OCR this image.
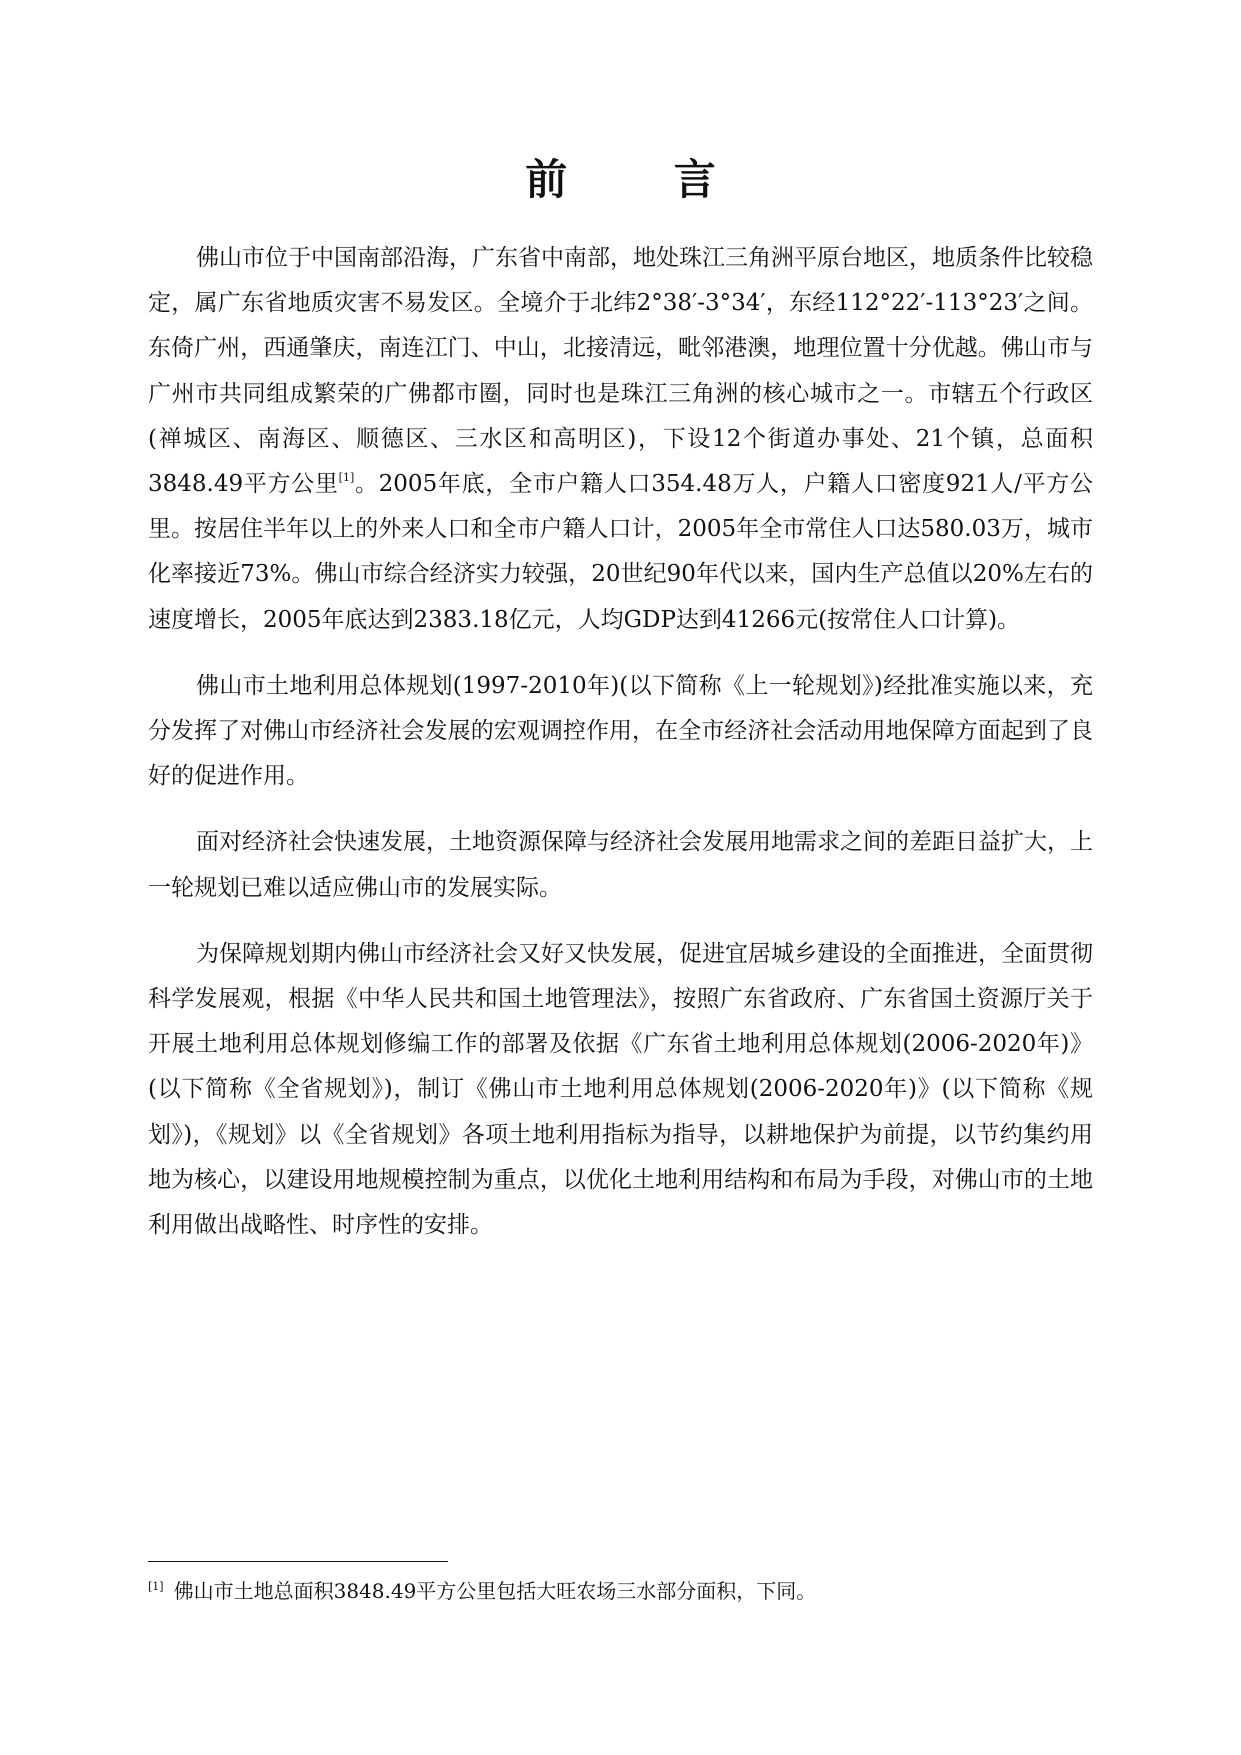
前 言

佛山市位于中国南部沿海，广东省中南部，地处珠江三角洲平原台地区，地质条件比较稳定，属广东省地质灾害不易发区。全境介于北纬2°38′-3°34′，东经112°22′-113°23′之间。东倚广州，西通肇庆，南连江门、中山，北接清远，毗邻港澳，地理位置十分优越。佛山市与广州市共同组成繁荣的广佛都市圈，同时也是珠江三角洲的核心城市之一。市辖五个行政区(禅城区、南海区、顺德区、三水区和高明区)，下设12个街道办事处、21个镇，总面积3848.49平方公里[1]。2005年底，全市户籍人口354.48万人，户籍人口密度921人/平方公里。按居住半年以上的外来人口和全市户籍人口计，2005年全市常住人口达580.03万，城市化率接近73%。佛山市综合经济实力较强，20世纪90年代以来，国内生产总值以20%左右的速度增长，2005年底达到2383.18亿元，人均GDP达到41266元(按常住人口计算)。

佛山市土地利用总体规划(1997-2010年)(以下简称《上一轮规划》)经批准实施以来，充分发挥了对佛山市经济社会发展的宏观调控作用，在全市经济社会活动用地保障方面起到了良好的促进作用。

面对经济社会快速发展，土地资源保障与经济社会发展用地需求之间的差距日益扩大，上一轮规划已难以适应佛山市的发展实际。

为保障规划期内佛山市经济社会又好又快发展，促进宜居城乡建设的全面推进，全面贯彻科学发展观，根据《中华人民共和国土地管理法》，按照广东省政府、广东省国土资源厅关于开展土地利用总体规划修编工作的部署及依据《广东省土地利用总体规划(2006-2020年)》(以下简称《全省规划》)，制订《佛山市土地利用总体规划(2006-2020年)》(以下简称《规划》)，《规划》以《全省规划》各项土地利用指标为指导，以耕地保护为前提，以节约集约用地为核心，以建设用地规模控制为重点，以优化土地利用结构和布局为手段，对佛山市的土地利用做出战略性、时序性的安排。

[1] 佛山市土地总面积3848.49平方公里包括大旺农场三水部分面积，下同。
